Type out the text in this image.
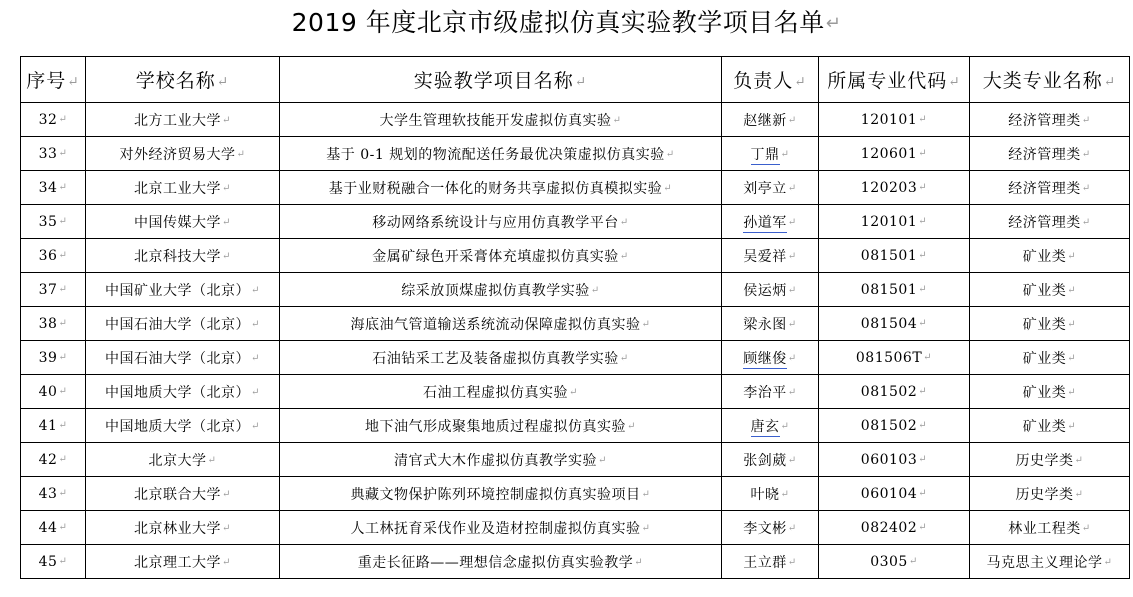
2019 年度北京市级虚拟仿真实验教学项目名单↵
序号↵	学校名称↵	实验教学项目名称↵	负责人↵	所属专业代码↵	大类专业名称↵
32↵	北方工业大学↵	大学生管理软技能开发虚拟仿真实验↵	赵继新↵	120101↵	经济管理类↵
33↵	对外经济贸易大学↵	基于 0-1 规划的物流配送任务最优决策虚拟仿真实验↵	丁鼎↵	120601↵	经济管理类↵
34↵	北京工业大学↵	基于业财税融合一体化的财务共享虚拟仿真模拟实验↵	刘亭立↵	120203↵	经济管理类↵
35↵	中国传媒大学↵	移动网络系统设计与应用仿真教学平台↵	孙道军↵	120101↵	经济管理类↵
36↵	北京科技大学↵	金属矿绿色开采膏体充填虚拟仿真实验↵	吴爱祥↵	081501↵	矿业类↵
37↵	中国矿业大学（北京）↵	综采放顶煤虚拟仿真教学实验↵	侯运炳↵	081501↵	矿业类↵
38↵	中国石油大学（北京）↵	海底油气管道输送系统流动保障虚拟仿真实验↵	梁永图↵	081504↵	矿业类↵
39↵	中国石油大学（北京）↵	石油钻采工艺及装备虚拟仿真教学实验↵	顾继俊↵	081506T↵	矿业类↵
40↵	中国地质大学（北京）↵	石油工程虚拟仿真实验↵	李治平↵	081502↵	矿业类↵
41↵	中国地质大学（北京）↵	地下油气形成聚集地质过程虚拟仿真实验↵	唐玄↵	081502↵	矿业类↵
42↵	北京大学↵	清官式大木作虚拟仿真教学实验↵	张剑葳↵	060103↵	历史学类↵
43↵	北京联合大学↵	典藏文物保护陈列环境控制虚拟仿真实验项目↵	叶晓↵	060104↵	历史学类↵
44↵	北京林业大学↵	人工林抚育采伐作业及造材控制虚拟仿真实验↵	李文彬↵	082402↵	林业工程类↵
45↵	北京理工大学↵	重走长征路——理想信念虚拟仿真实验教学↵	王立群↵	0305↵	马克思主义理论学↵
